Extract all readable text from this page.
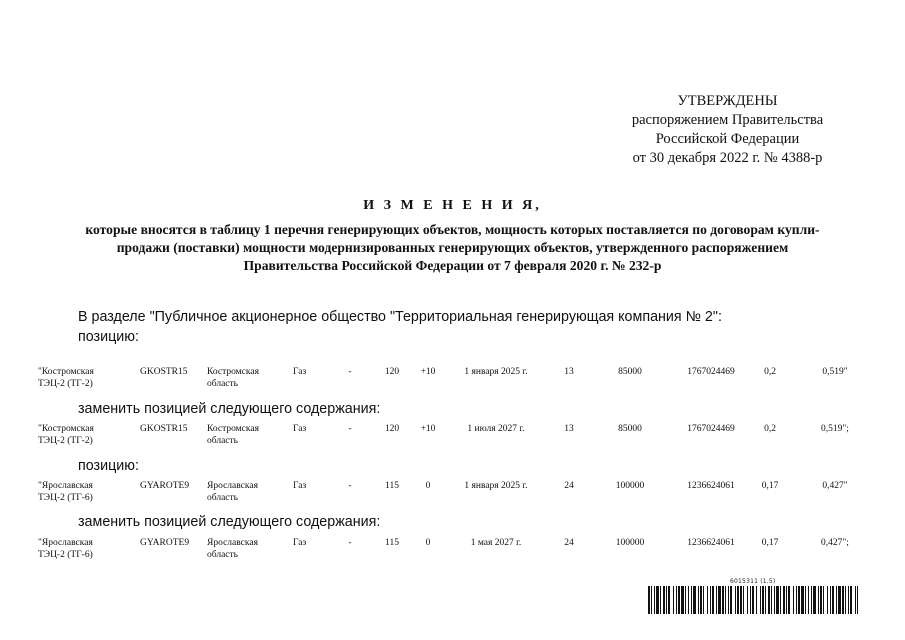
УТВЕРЖДЕНЫ
распоряжением Правительства
Российской Федерации
от 30 декабря 2022 г. № 4388-р
И З М Е Н Е Н И Я,
которые вносятся в таблицу 1 перечня генерирующих объектов, мощность которых поставляется по договорам купли-
продажи (поставки) мощности модернизированных генерирующих объектов, утвержденного распоряжением
Правительства Российской Федерации от 7 февраля 2020 г. № 232-р
В разделе "Публичное акционерное общество "Территориальная генерирующая компания № 2":
позицию:
"Костромская
ТЭЦ-2 (ТГ-2)
GKOSTR15 Костромская
область
Газ	-	120 +10	1 января 2025 г.	13	85000	1767024469	0,2	0,519"
заменить позицией следующего содержания:
"Костромская
ТЭЦ-2 (ТГ-2)
GKOSTR15 Костромская
область
Газ	-	120 +10	1 июля 2027 г.	13	85000	1767024469	0,2	0,519";
позицию:
"Ярославская
ТЭЦ-2 (ТГ-6)
GYAROTE9 Ярославская
область
Газ	-	115	0	1 января 2025 г.	24	100000	1236624061	0,17	0,427"
заменить позицией следующего содержания:
"Ярославская
ТЭЦ-2 (ТГ-6)
GYAROTE9 Ярославская
область
Газ	-	115	0	1 мая 2027 г.	24	100000	1236624061	0,17	0,427";
6015311 (1.5)
